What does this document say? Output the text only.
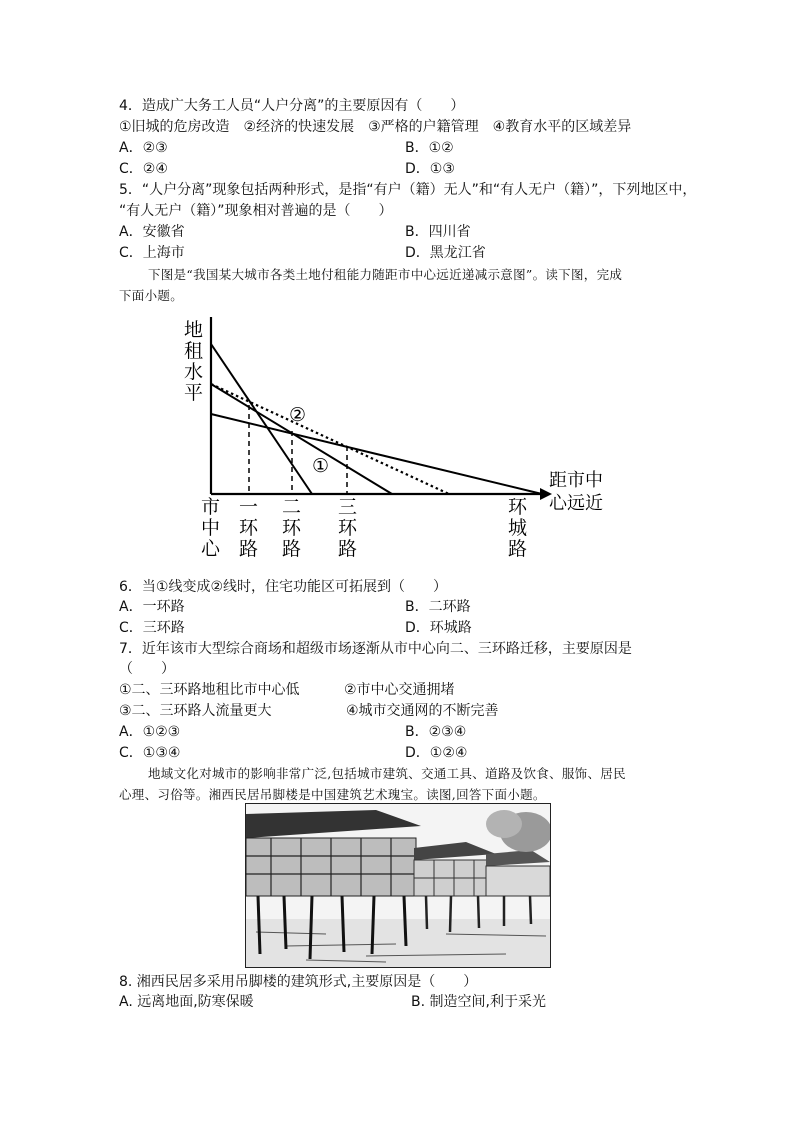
4．造成广大务工人员“人户分离”的主要原因有（　　）
①旧城的危房改造　②经济的快速发展　③严格的户籍管理　④教育水平的区域差异
A．②③	B．①②
C．②④	D．①③
5．“人户分离”现象包括两种形式，是指“有户（籍）无人”和“有人无户（籍）”，下列地区中，
“有人无户（籍）”现象相对普遍的是（　　）
A．安徽省	B．四川省
C．上海市	D．黑龙江省
下图是“我国某大城市各类土地付租能力随距市中心远近递减示意图”。读下图，完成
下面小题。
地
租
水
平
距市中
心远近
②
①
市
中
心
一
环
路
二
环
路
三
环
路
环
城
路
6．当①线变成②线时，住宅功能区可拓展到（　　）
A．一环路	B．二环路
C．三环路	D．环城路
7．近年该市大型综合商场和超级市场逐渐从市中心向二、三环路迁移，主要原因是
（　　）
①二、三环路地租比市中心低	②市中心交通拥堵
③二、三环路人流量更大	④城市交通网的不断完善
A．①②③	B．②③④
C．①③④	D．①②④
地域文化对城市的影响非常广泛,包括城市建筑、交通工具、道路及饮食、服饰、居民
心理、习俗等。湘西民居吊脚楼是中国建筑艺术瑰宝。读图,回答下面小题。
8. 湘西民居多采用吊脚楼的建筑形式,主要原因是（　　）
A. 远离地面,防寒保暖	B. 制造空间,利于采光
